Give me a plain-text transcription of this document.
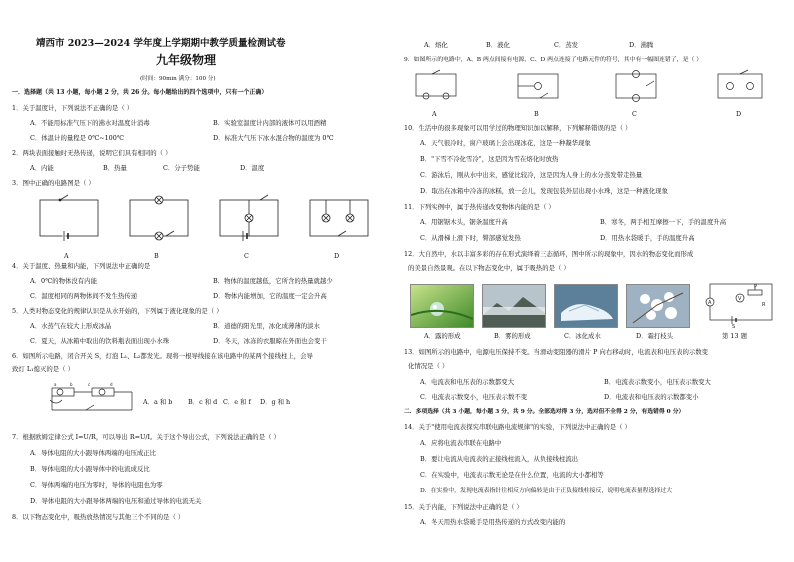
靖西市 2023—2024 学年度上学期期中教学质量检测试卷
九年级物理
(时间：90min 满分：100 分)
一．选择题（共 13 小题，每小题 2 分，共 26 分。每小题给出的四个选项中，只有一个正确）
1．关于温度计，下列说法不正确的是（ ）
A．不能用标准气压下的沸水对温度计消毒	B．实验室温度计内部的液体可以用酒精
C．体温计的量程是 0℃~100℃	D．标准大气压下冰水混合物的温度为 0℃
2．两块表面接触时无热传递，说明它们具有相同的（ ）
A．内能	B．热量	C．分子势能	D．温度
3．图中正确的电路图是（ ）
A	B	C	D
4．关于温度、热量和内能，下列说法中正确的是
A．0℃的物体没有内能	B．物体的温度越低，它所含的热量就越少
C．温度相同的两物体间不发生热传递	D．物体内能增加，它的温度一定会升高
5．人类对物态变化的规律认识是从水开始的，下列属于液化现象的是（ ）
A．水蒸气在较大上形成冰晶	B．道德的阳光里，冰化成薄薄的淡水
C．夏天，从冰箱中取出的饮料瓶表面出现小水珠	D．冬天，冰冻的衣服晾在外面也会变干
6．如图所示电路，闭合开关 S，灯泡 L₁、L₂都发光。现将一根导线接在该电路中的某两个接线柱上，会导
致灯 L₁熄灭的是（ ）
a	b	c	d
A．a 和 b B．c 和 d C．e 和 f D．g 和 h
7．根据欧姆定律公式 I=U/R，可以导出 R=U/I。关于这个导出公式，下列说法正确的是（ ）
A．导体电阻的大小跟导体两端的电压成正比
B．导体电阻的大小跟导体中的电流成反比
C．导体两端的电压为零时，导体的电阻也为零
D．导体电阻的大小跟导体两端的电压和通过导体的电流无关
8．以下物态变化中，吸热放热情况与其他三个不同的是（ ）
A．熔化	B．液化	C．蒸发	D．沸腾
9．如图所示的电路中，A、B 两点间接有电源，C、D 两点连接了电路元件的符号，其中有一幅图连错了，是（ ）
A	B	C	D
10．生活中的很多现象可以用学过的物理知识加以解释，下列解释错误的是（ ）
A．天气很冷时，窗户玻璃上会出现冰花，这是一种凝华现象
B．"下雪不冷化雪冷"，这是因为雪在熔化时放热
C．游泳后，刚从水中出来，感觉比较冷，这是因为人身上的水分蒸发带走热量
D．取出在冰箱中冷冻的冰糕，放一会儿，发现包装外层出现小水珠，这是一种液化现象
11．下列实例中，属于热传递改变物体内能的是（ ）
A．用锯锯木头，锯条温度升高	B．寒冬，两手相互摩擦一下，手的温度升高
C．从滑梯上滑下时，臀部感觉发热	D．用热水袋暖手，手的温度升高
12．大自然中，水以丰富多彩的存在形式演绎着三态循环，图中所示的现象中，因水的物态变化而形成
的美景自然景观。在以下物态变化中，属于吸热的是（ ）
A
V
P
S
R
A．露的形成	B．雾的形成	C．冰化成水	D．霜打枝头	第 13 题
13．如图所示的电路中，电源电压保持不变。当滑动变阻器的滑片 P 向右移动时，电流表和电压表的示数变
化情况是（ ）
A．电流表和电压表的示数都变大	B．电流表示数变小，电压表示数变大
C．电流表示数变小，电压表示数不变	D．电流表和电压表的示数都变小
二．多项选择（共 3 小题，每小题 3 分，共 9 分。全部选对得 3 分，选对但不全得 2 分，有选错得 0 分）
14．关于"使用电流表探究串联电路电流规律"的实验，下列说法中正确的是（ ）
A．应将电流表串联在电路中
B．要让电流从电流表的正接线柱流入，从负接线柱流出
C．在实验中，电流表示数无论是在什么位置，电流的大小都相等
D．在实验中，发现电流表指针往相反方向偏转是由于正负接线柱接反，说明电流表量程选择过大
15．关于内能，下列说法中正确的是（ ）
A．冬天用热水袋暖手是用热传递的方式改变内能的
